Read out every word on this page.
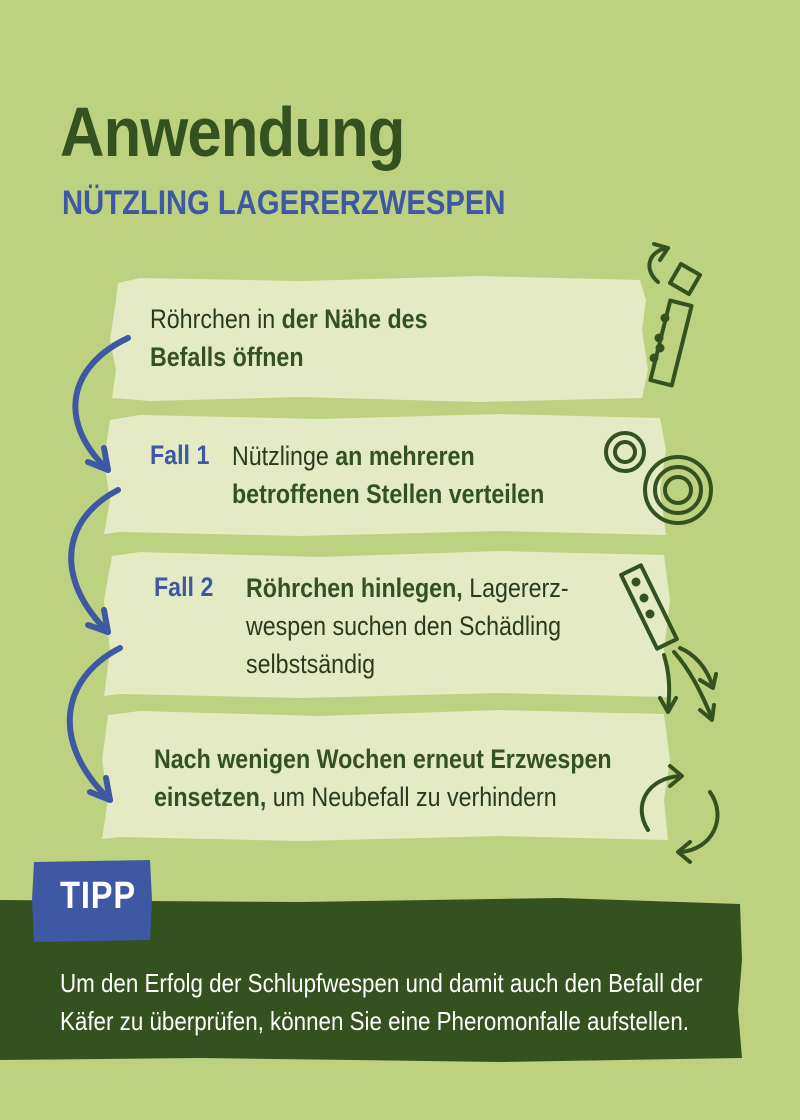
Anwendung
NÜTZLING LAGERERZWESPEN
Röhrchen in der Nähe des
Befalls öffnen
Fall 1 Nützlinge an mehreren
betroffenen Stellen verteilen
Fall 2 Röhrchen hinlegen, Lagererz-
wespen suchen den Schädling
selbstsändig
Nach wenigen Wochen erneut Erzwespen
einsetzen, um Neubefall zu verhindern
TIPP
Um den Erfolg der Schlupfwespen und damit auch den Befall der
Käfer zu überprüfen, können Sie eine Pheromonfalle aufstellen.
